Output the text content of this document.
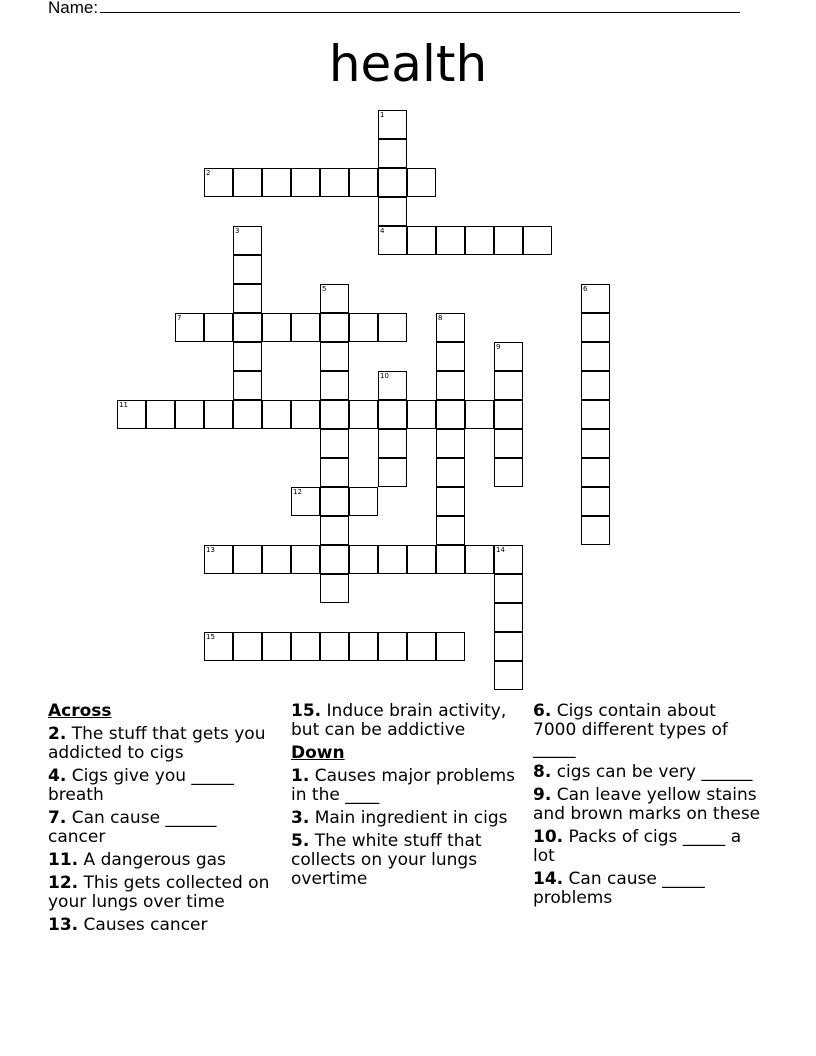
Name:
health
1
4
2
3
5	6
7	8
9
10
11
12
13	14
15
Across
2. The stuff that gets you addicted to cigs
4. Cigs give you _____ breath
7. Can cause ______ cancer
11. A dangerous gas
12. This gets collected on your lungs over time
13. Causes cancer
15. Induce brain activity, but can be addictive
Down
1. Causes major problems in the ____
3. Main ingredient in cigs
5. The white stuff that collects on your lungs overtime
6. Cigs contain about 7000 different types of _____
8. cigs can be very ______
9. Can leave yellow stains and brown marks on these
10. Packs of cigs _____ a lot
14. Can cause _____ problems
